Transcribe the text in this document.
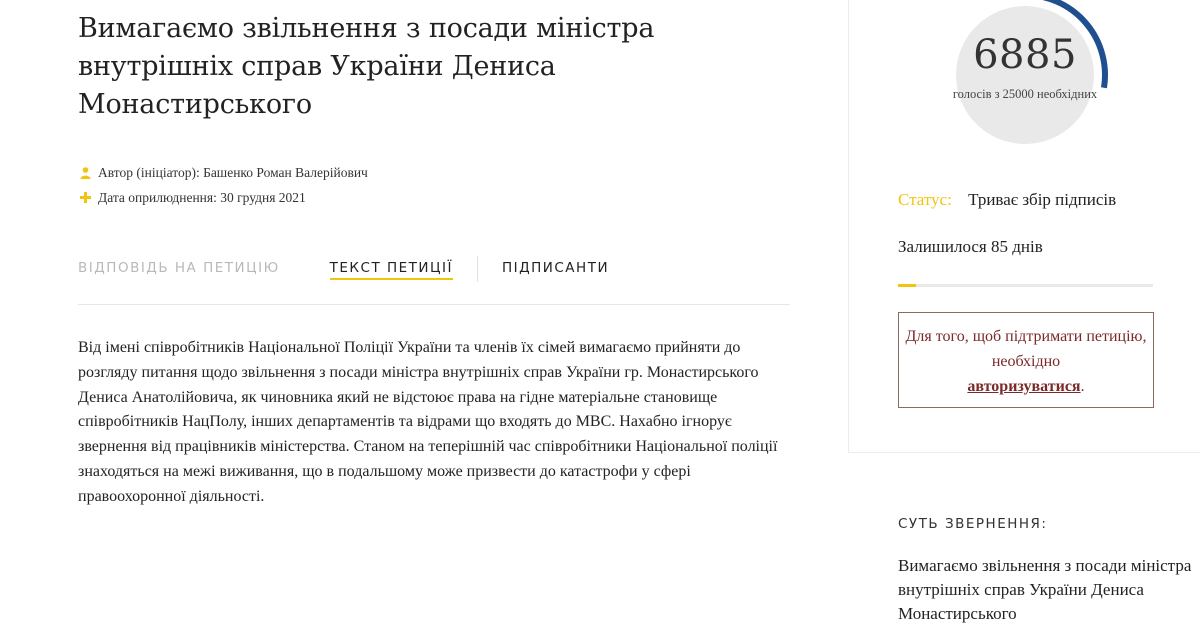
Вимагаємо звільнення з посади міністра внутрішніх справ України Дениса Монастирського
Автор (ініціатор): Башенко Роман Валерійович
Дата оприлюднення: 30 грудня 2021
ВІДПОВІДЬ НА ПЕТИЦІЮ	ТЕКСТ ПЕТИЦІЇ	ПІДПИСАНТИ

Від імені співробітників Національної Поліції України та членів їх сімей вимагаємо прийняти до розгляду питання щодо звільнення з посади міністра внутрішніх справ України гр. Монастирського Дениса Анатолійовича, як чиновника який не відстоює права на гідне матеріальне становище співробітників НацПолу, інших департаментів та відрами що входять до МВС. Нахабно ігнорує звернення від працівників міністерства. Станом на теперішній час співробітники Національної поліції знаходяться на межі виживання, що в подальшому може призвести до катастрофи у сфері правоохоронної діяльності.

6885
голосів з 25000 необхідних
Статус: Триває збір підписів
Залишилося 85 днів
Для того, щоб підтримати петицію, необхідно
авторизуватися.
СУТЬ ЗВЕРНЕННЯ:
Вимагаємо звільнення з посади міністра внутрішніх справ України Дениса Монастирського
